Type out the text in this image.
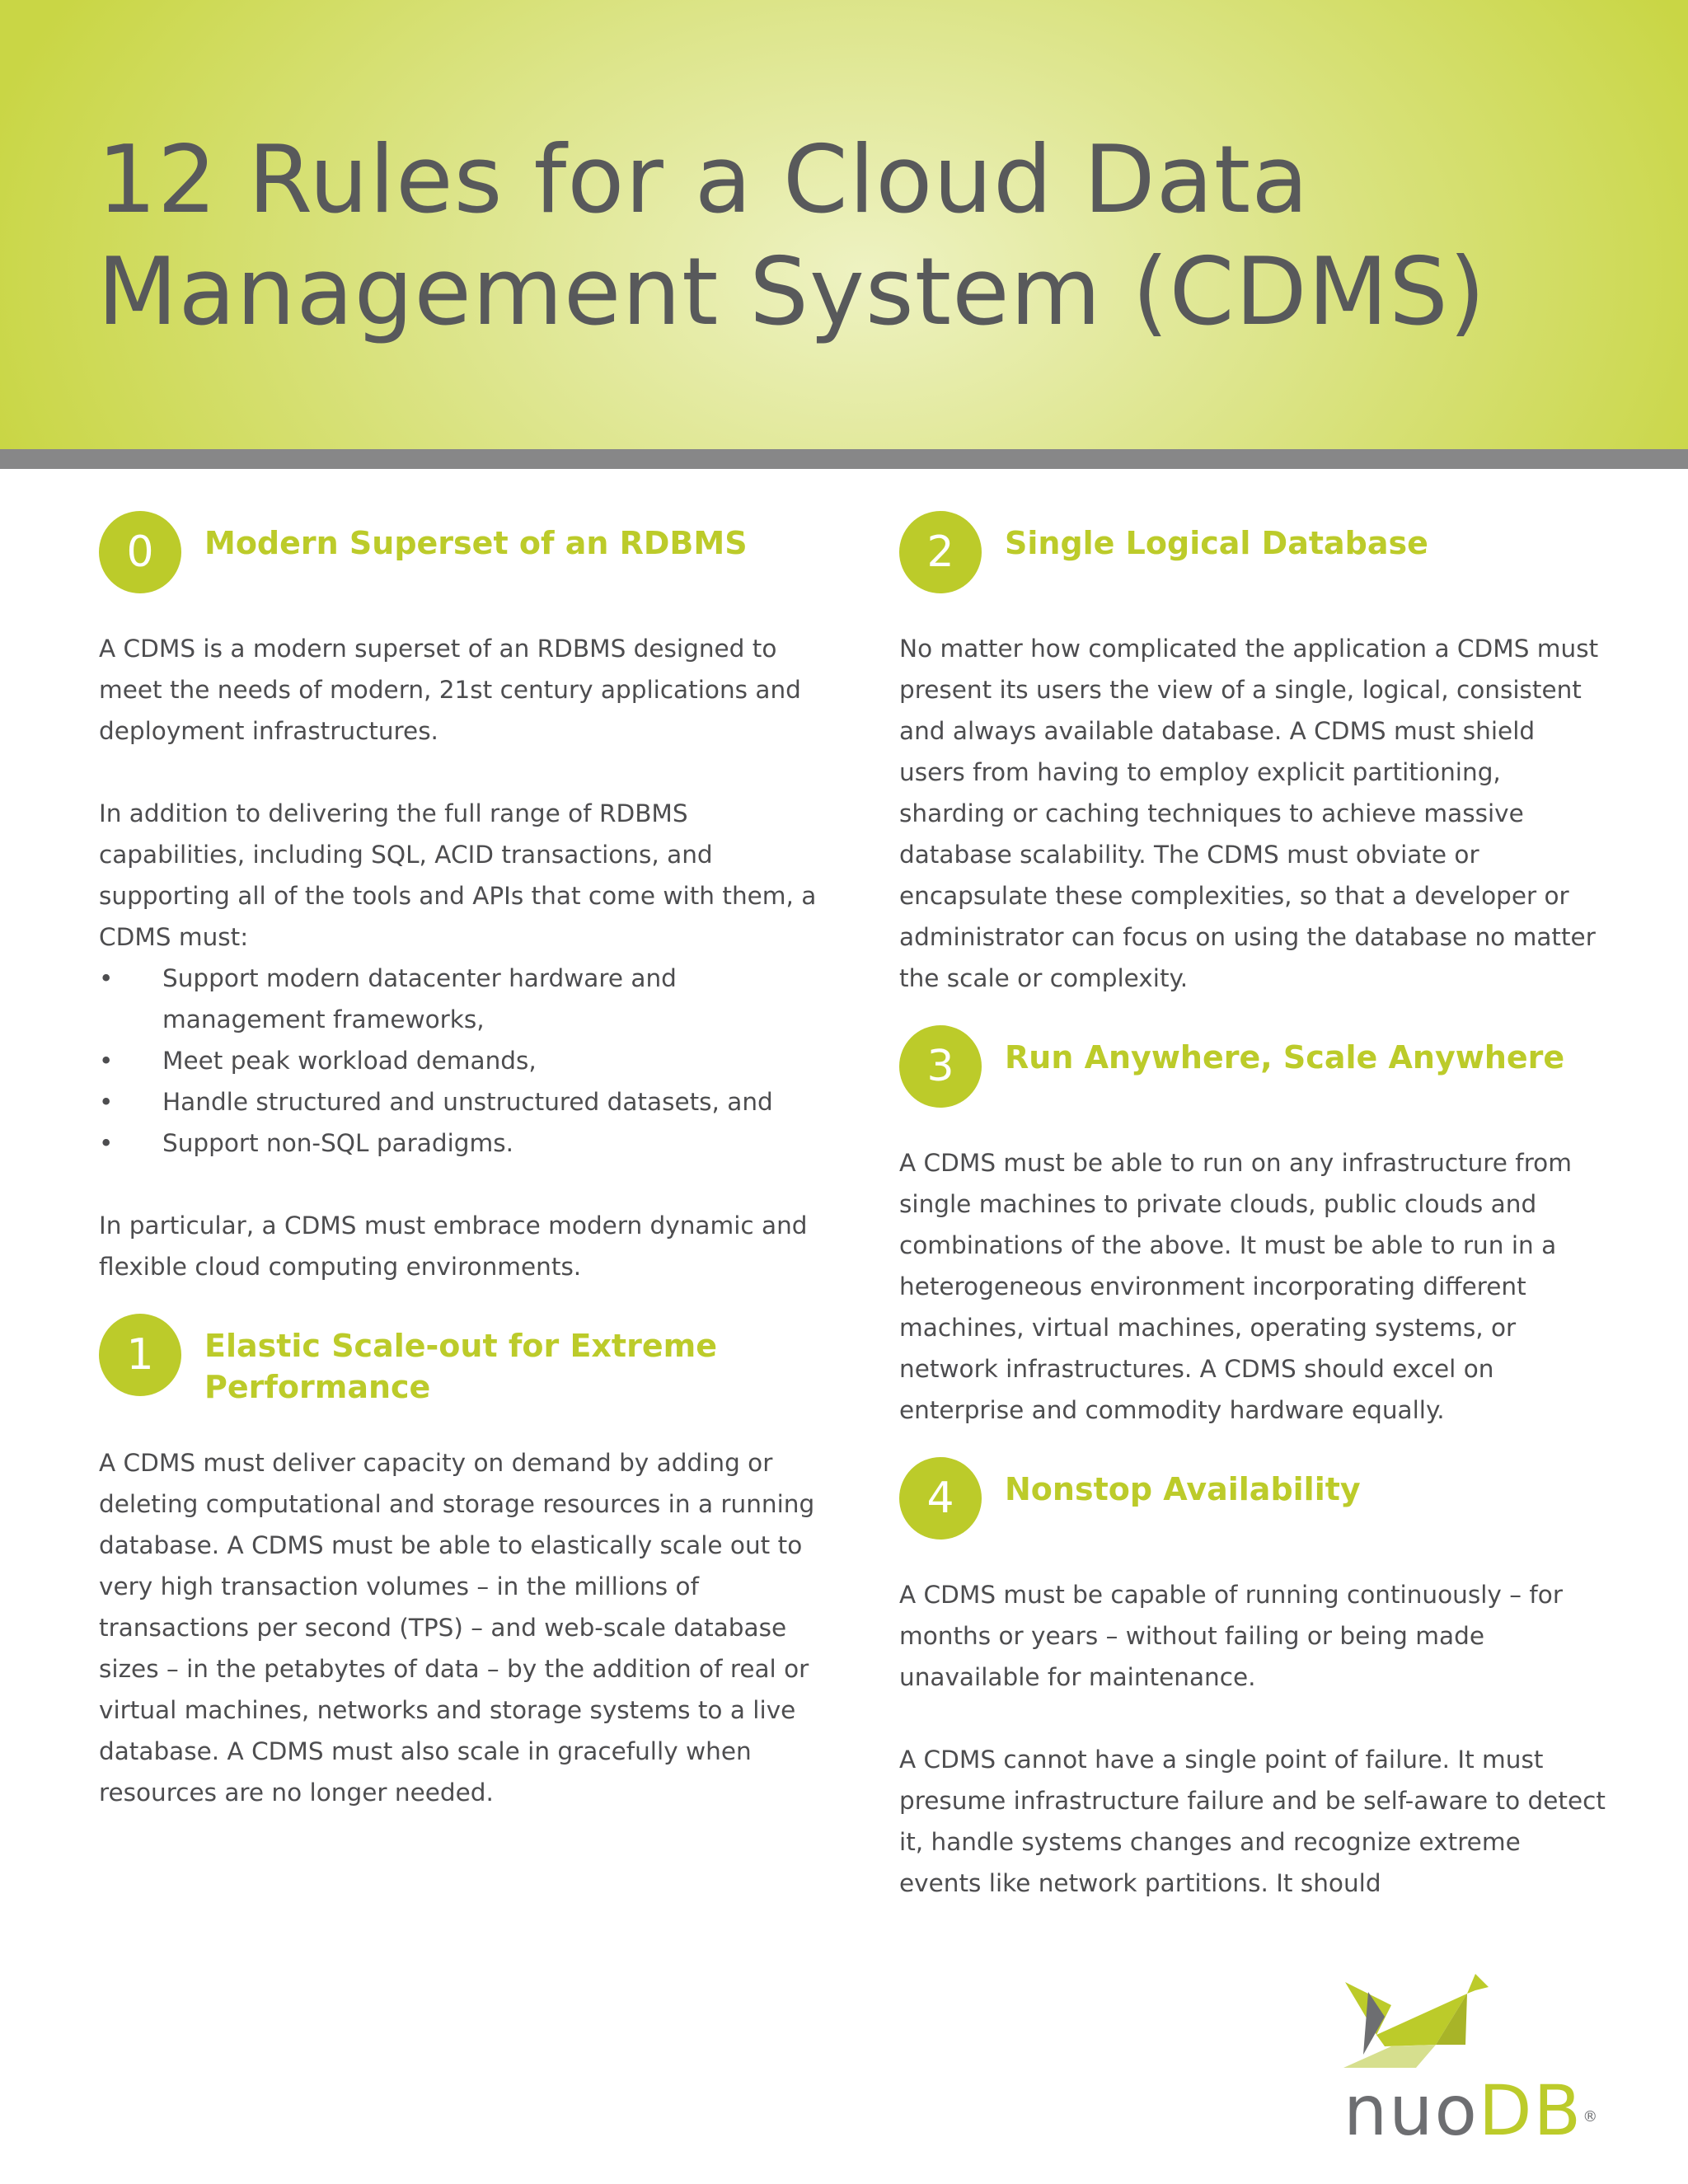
12 Rules for a Cloud Data
Management System (CDMS)
0	Modern Superset of an RDBMS

A CDMS is a modern superset of an RDBMS designed to meet the needs of modern, 21st century applications and deployment infrastructures.

In addition to delivering the full range of RDBMS capabilities, including SQL, ACID transactions, and supporting all of the tools and APIs that come with them, a CDMS must:

• Support modern datacenter hardware and management frameworks,
• Meet peak workload demands,
• Handle structured and unstructured datasets, and
• Support non-SQL paradigms.

In particular, a CDMS must embrace modern dynamic and flexible cloud computing environments.

1	Elastic Scale-out for Extreme Performance

A CDMS must deliver capacity on demand by adding or deleting computational and storage resources in a running database. A CDMS must be able to elastically scale out to very high transaction volumes – in the millions of transactions per second (TPS) – and web-scale database sizes – in the petabytes of data – by the addition of real or virtual machines, networks and storage systems to a live database. A CDMS must also scale in gracefully when resources are no longer needed.

2	Single Logical Database

No matter how complicated the application a CDMS must present its users the view of a single, logical, consistent and always available database. A CDMS must shield users from having to employ explicit partitioning, sharding or caching techniques to achieve massive database scalability. The CDMS must obviate or encapsulate these complexities, so that a developer or administrator can focus on using the database no matter the scale or complexity.

3	Run Anywhere, Scale Anywhere

A CDMS must be able to run on any infrastructure from single machines to private clouds, public clouds and combinations of the above. It must be able to run in a heterogeneous environment incorporating different machines, virtual machines, operating systems, or network infrastructures. A CDMS should excel on enterprise and commodity hardware equally.

4	Nonstop Availability

A CDMS must be capable of running continuously – for months or years – without failing or being made unavailable for maintenance.

A CDMS cannot have a single point of failure. It must presume infrastructure failure and be self-aware to detect it, handle systems changes and recognize extreme events like network partitions. It should

nuoDB®
